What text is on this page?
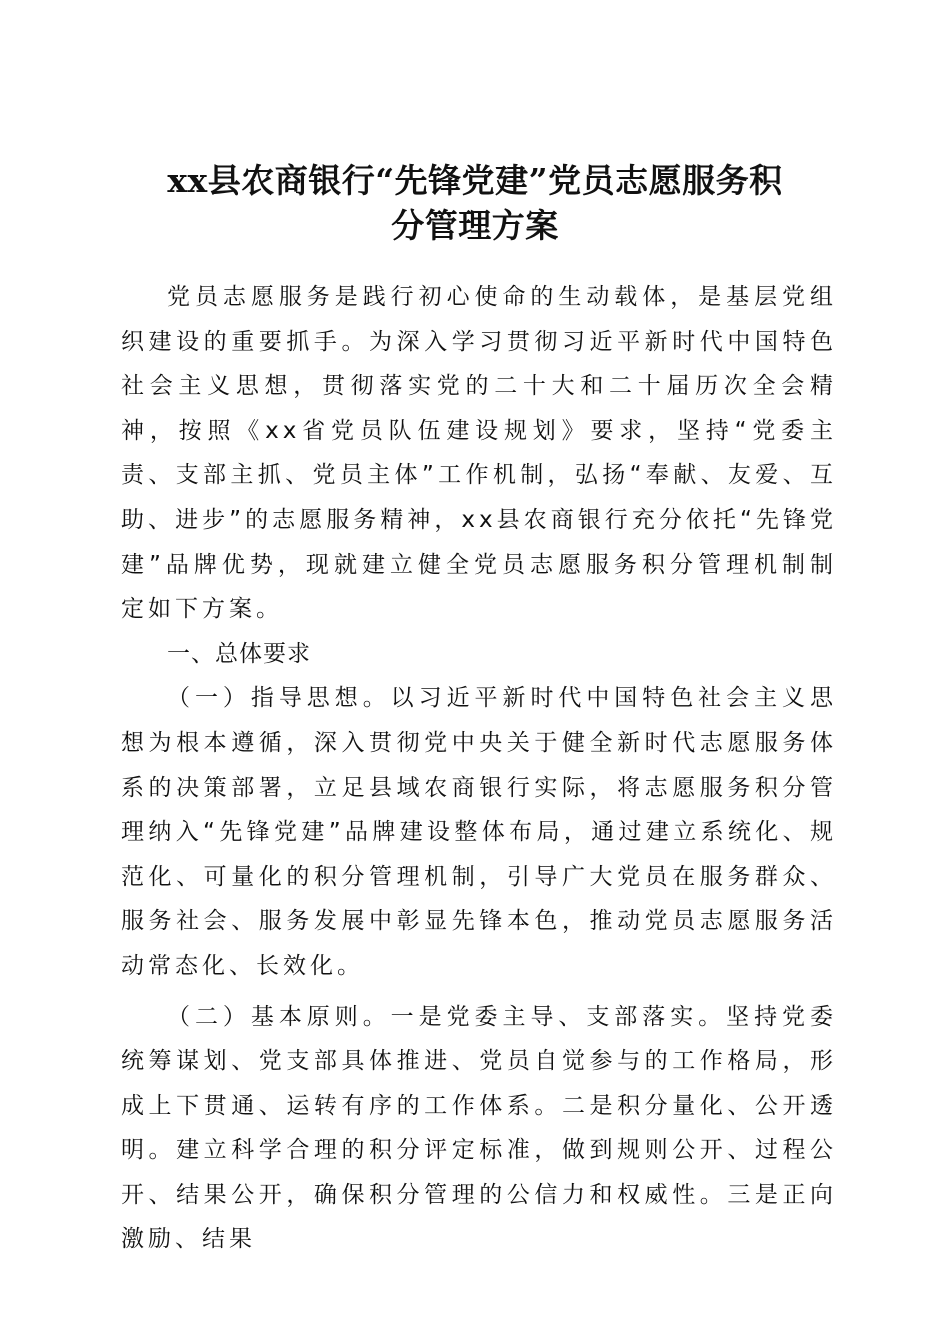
xx县农商银行“先锋党建”党员志愿服务积
分管理方案

党员志愿服务是践行初心使命的生动载体，是基层党组织建设的重要抓手。为深入学习贯彻习近平新时代中国特色社会主义思想，贯彻落实党的二十大和二十届历次全会精神，按照《xx省党员队伍建设规划》要求，坚持“党委主责、支部主抓、党员主体”工作机制，弘扬“奉献、友爱、互助、进步”的志愿服务精神，xx县农商银行充分依托“先锋党建”品牌优势，现就建立健全党员志愿服务积分管理机制制定如下方案。

一、总体要求

（一）指导思想。以习近平新时代中国特色社会主义思想为根本遵循，深入贯彻党中央关于健全新时代志愿服务体系的决策部署，立足县域农商银行实际，将志愿服务积分管理纳入“先锋党建”品牌建设整体布局，通过建立系统化、规范化、可量化的积分管理机制，引导广大党员在服务群众、服务社会、服务发展中彰显先锋本色，推动党员志愿服务活动常态化、长效化。

（二）基本原则。一是党委主导、支部落实。坚持党委统筹谋划、党支部具体推进、党员自觉参与的工作格局，形成上下贯通、运转有序的工作体系。二是积分量化、公开透明。建立科学合理的积分评定标准，做到规则公开、过程公开、结果公开，确保积分管理的公信力和权威性。三是正向激励、结果
